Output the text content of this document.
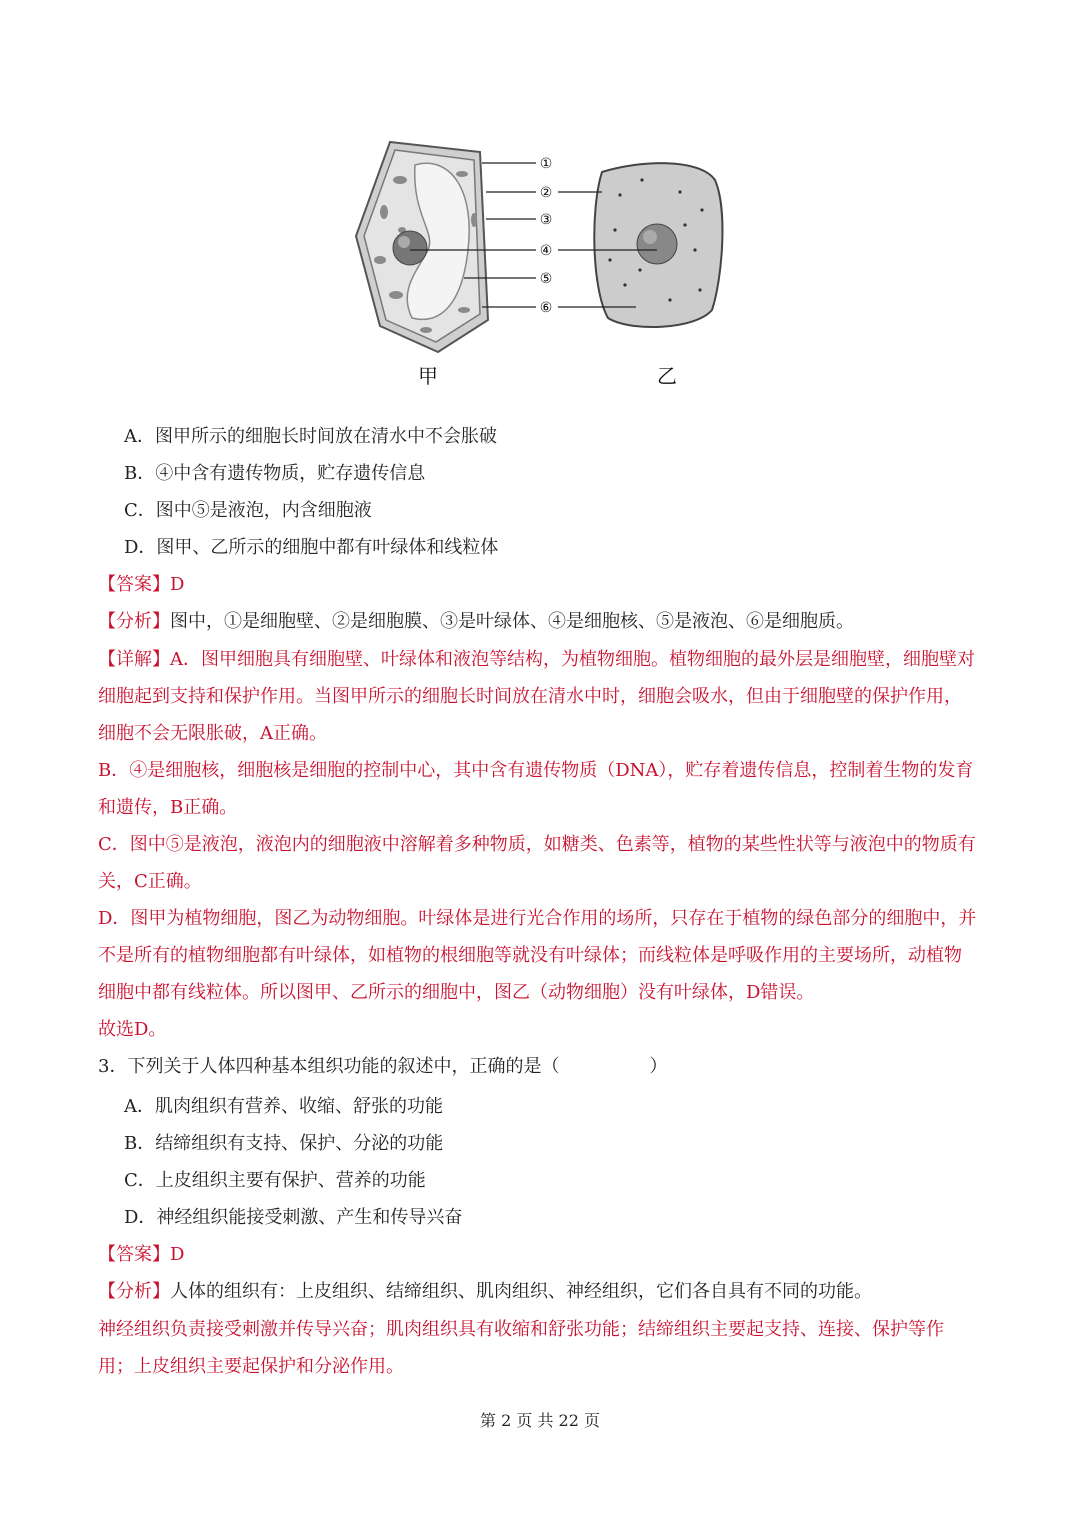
①
②
③
④
⑤
⑥
甲	乙
A．图甲所示的细胞长时间放在清水中不会胀破
B．④中含有遗传物质，贮存遗传信息
C．图中⑤是液泡，内含细胞液
D．图甲、乙所示的细胞中都有叶绿体和线粒体
【答案】D
【分析】图中，①是细胞壁、②是细胞膜、③是叶绿体、④是细胞核、⑤是液泡、⑥是细胞质。
【详解】A．图甲细胞具有细胞壁、叶绿体和液泡等结构，为植物细胞。植物细胞的最外层是细胞壁，细胞壁对细胞起到支持和保护作用。当图甲所示的细胞长时间放在清水中时，细胞会吸水，但由于细胞壁的保护作用，细胞不会无限胀破，A正确。
B．④是细胞核，细胞核是细胞的控制中心，其中含有遗传物质（DNA），贮存着遗传信息，控制着生物的发育和遗传，B正确。
C．图中⑤是液泡，液泡内的细胞液中溶解着多种物质，如糖类、色素等，植物的某些性状等与液泡中的物质有关，C正确。
D．图甲为植物细胞，图乙为动物细胞。叶绿体是进行光合作用的场所，只存在于植物的绿色部分的细胞中，并不是所有的植物细胞都有叶绿体，如植物的根细胞等就没有叶绿体；而线粒体是呼吸作用的主要场所，动植物细胞中都有线粒体。所以图甲、乙所示的细胞中，图乙（动物细胞）没有叶绿体，D错误。
故选D。
3．下列关于人体四种基本组织功能的叙述中，正确的是（　　　　　）
A．肌肉组织有营养、收缩、舒张的功能
B．结缔组织有支持、保护、分泌的功能
C．上皮组织主要有保护、营养的功能
D．神经组织能接受刺激、产生和传导兴奋
【答案】D
【分析】人体的组织有：上皮组织、结缔组织、肌肉组织、神经组织，它们各自具有不同的功能。
神经组织负责接受刺激并传导兴奋；肌肉组织具有收缩和舒张功能；结缔组织主要起支持、连接、保护等作用；上皮组织主要起保护和分泌作用。
第 2 页 共 22 页
